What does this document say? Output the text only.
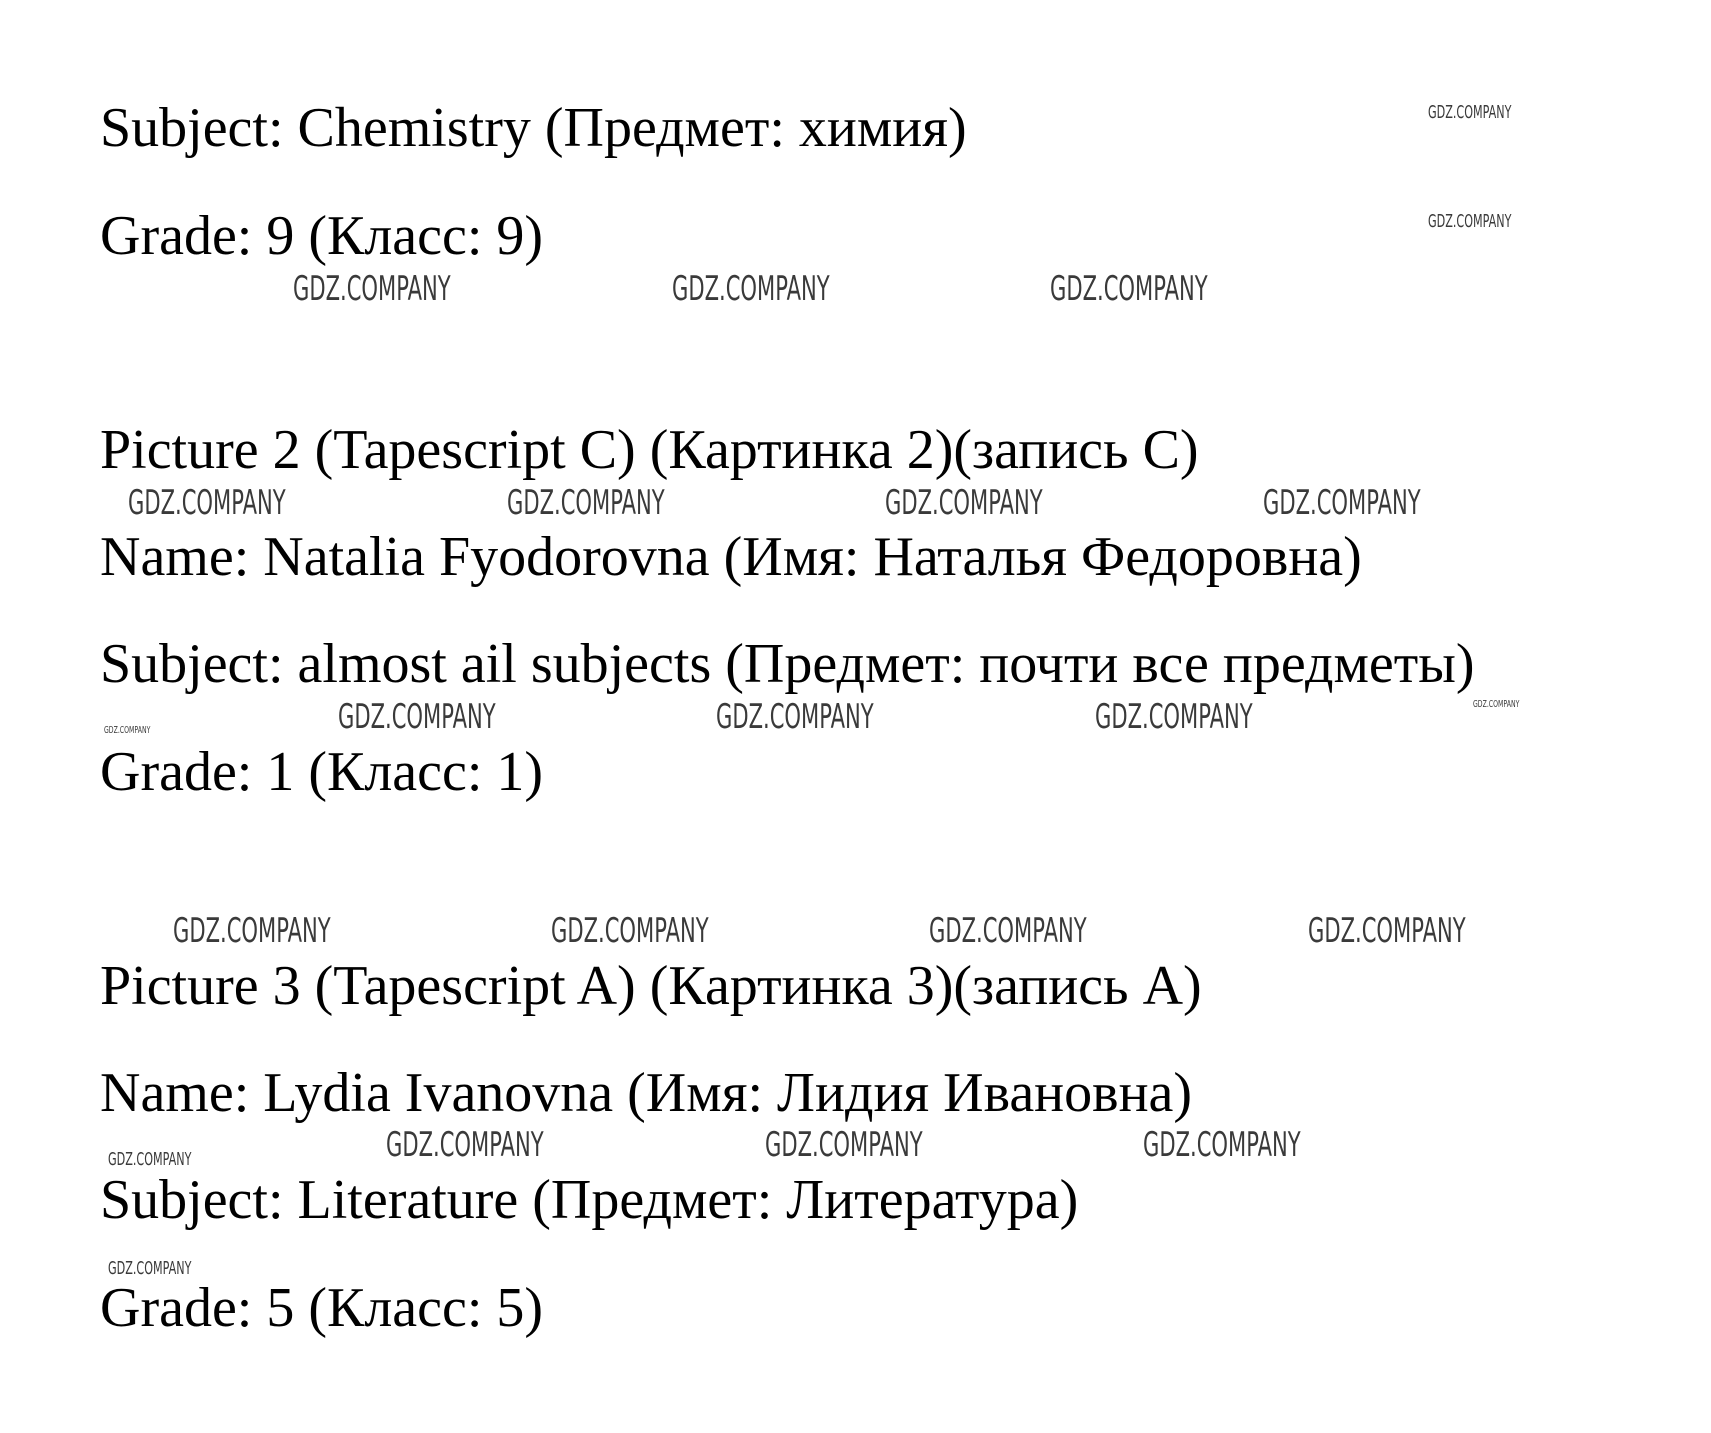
Subject: Chemistry (Предмет: химия)
Grade: 9 (Класс: 9)
Picture 2 (Tapescript C) (Картинка 2)(запись С)
Name: Natalia Fyodorovna (Имя: Наталья Федоровна)
Subject: almost ail subjects (Предмет: почти все предметы)
Grade: 1 (Класс: 1)
Picture 3 (Tapescript A) (Картинка 3)(запись А)
Name: Lydia Ivanovna (Имя: Лидия Ивановна)
Subject: Literature (Предмет: Литература)
Grade: 5 (Класс: 5)
GDZ.COMPANY
GDZ.COMPANY
GDZ.COMPANY	GDZ.COMPANY	GDZ.COMPANY
GDZ.COMPANY	GDZ.COMPANY	GDZ.COMPANY	GDZ.COMPANY
GDZ.COMPANY	GDZ.COMPANY	GDZ.COMPANY	GDZ.COMPANY	GDZ.COMPANY
GDZ.COMPANY	GDZ.COMPANY	GDZ.COMPANY	GDZ.COMPANY
GDZ.COMPANY	GDZ.COMPANY	GDZ.COMPANY	GDZ.COMPANY
GDZ.COMPANY
